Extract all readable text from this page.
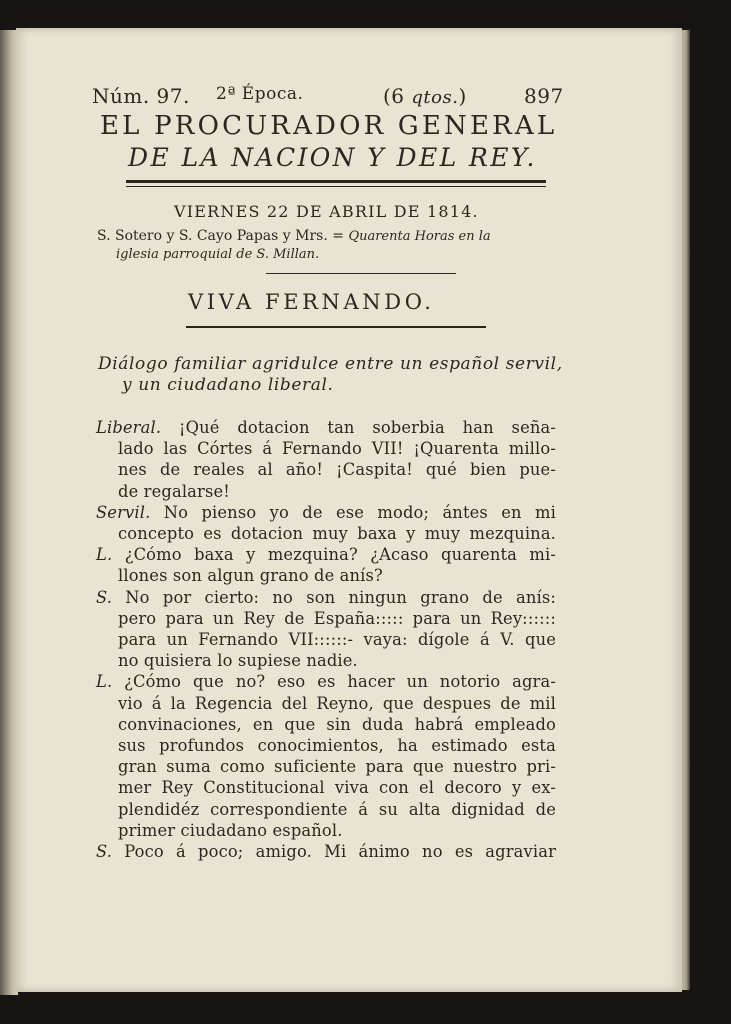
Núm. 97. 2ª Época.	(6 qtos.)	897
EL PROCURADOR GENERAL
DE LA NACION Y DEL REY.
VIERNES 22 DE ABRIL DE 1814.
S. Sotero y S. Cayo Papas y Mrs. = Quarenta Horas en la
iglesia parroquial de S. Millan.
VIVA FERNANDO.
Diálogo familiar agridulce entre un español servil,
y un ciudadano liberal.
Liberal. ¡Qué dotacion tan soberbia han seña-
lado las Córtes á Fernando VII! ¡Quarenta millo-
nes de reales al año! ¡Caspita! qué bien pue-
de regalarse!
Servil. No pienso yo de ese modo; ántes en mi
concepto es dotacion muy baxa y muy mezquina.
L. ¿Cómo baxa y mezquina? ¿Acaso quarenta mi-
llones son algun grano de anís?
S. No por cierto: no son ningun grano de anís:
pero para un Rey de España::::: para un Rey::::::
para un Fernando VII::::::- vaya: dígole á V. que
no quisiera lo supiese nadie.
L. ¿Cómo que no? eso es hacer un notorio agra-
vio á la Regencia del Reyno, que despues de mil
convinaciones, en que sin duda habrá empleado
sus profundos conocimientos, ha estimado esta
gran suma como suficiente para que nuestro pri-
mer Rey Constitucional viva con el decoro y ex-
plendidéz correspondiente á su alta dignidad de
primer ciudadano español.
S. Poco á poco; amigo. Mi ánimo no es agraviar
